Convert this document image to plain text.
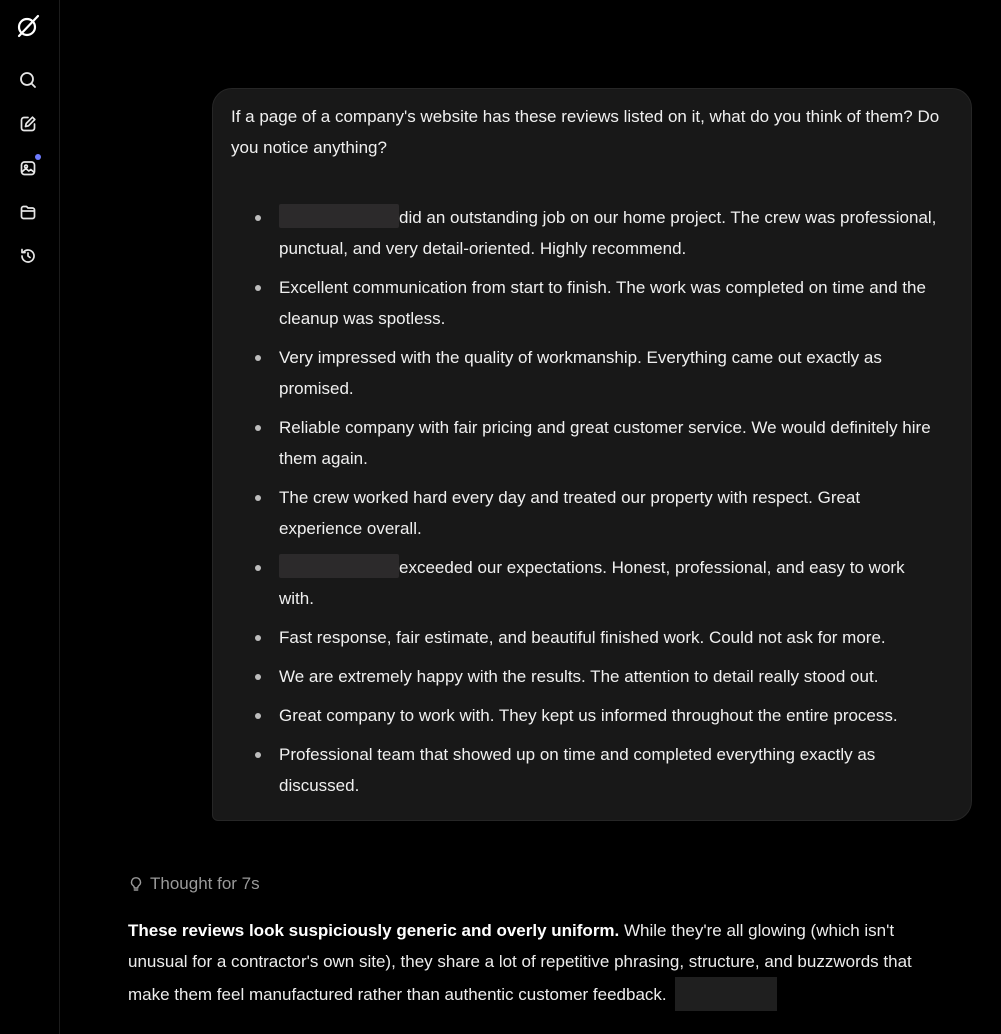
If a page of a company's website has these reviews listed on it, what do you think of them? Do you notice anything?

did an outstanding job on our home project. The crew was professional, punctual, and very detail-oriented. Highly recommend.
Excellent communication from start to finish. The work was completed on time and the cleanup was spotless.
Very impressed with the quality of workmanship. Everything came out exactly as promised.
Reliable company with fair pricing and great customer service. We would definitely hire them again.
The crew worked hard every day and treated our property with respect. Great experience overall.
exceeded our expectations. Honest, professional, and easy to work with.
Fast response, fair estimate, and beautiful finished work. Could not ask for more.
We are extremely happy with the results. The attention to detail really stood out.
Great company to work with. They kept us informed throughout the entire process.
Professional team that showed up on time and completed everything exactly as discussed.
Thought for 7s

These reviews look suspiciously generic and overly uniform. While they're all glowing (which isn't unusual for a contractor's own site), they share a lot of repetitive phrasing, structure, and buzzwords that make them feel manufactured rather than authentic customer feedback.
